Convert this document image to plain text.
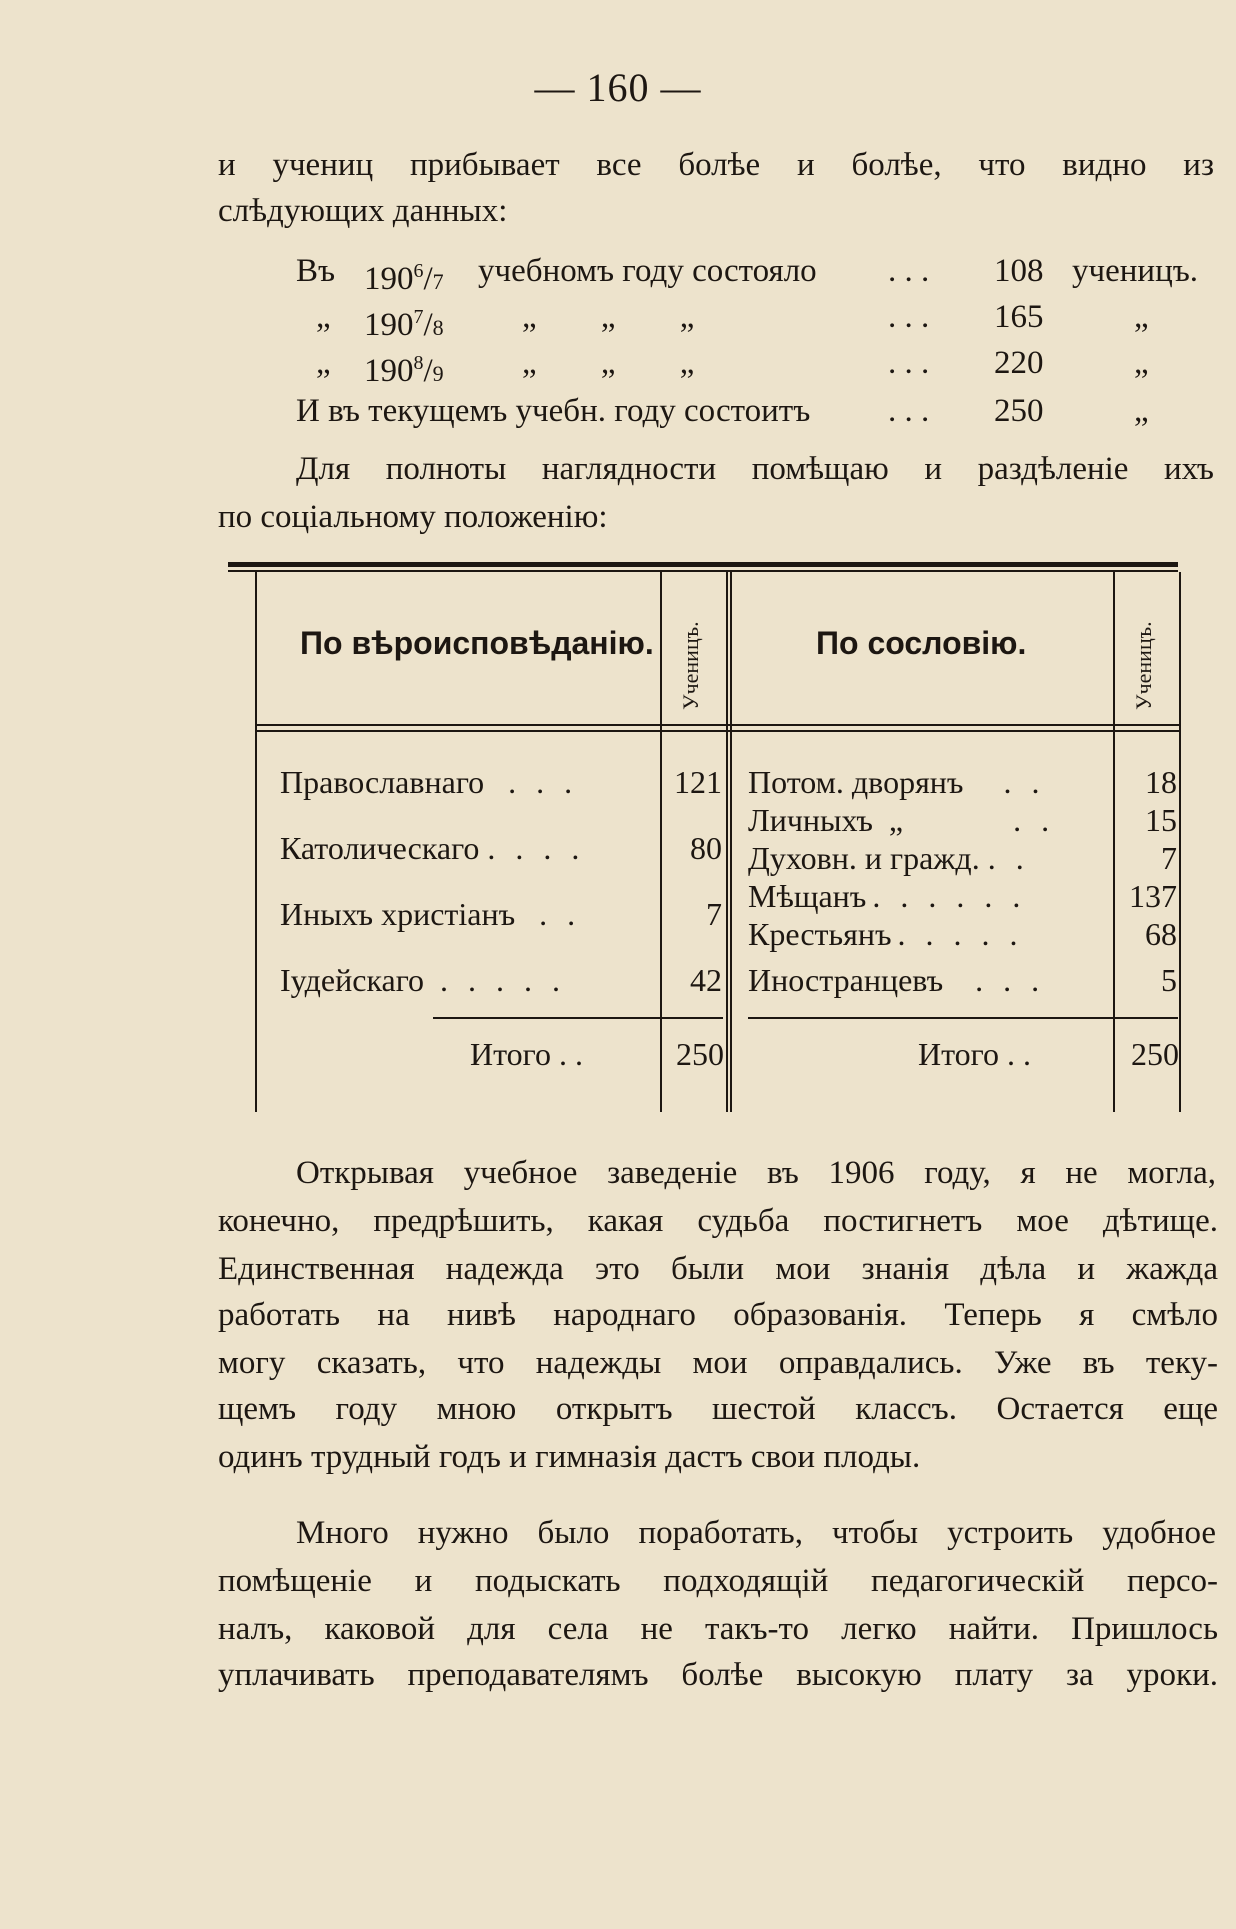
— 160 —
и учениц прибывает все болѣе и болѣе, что видно из
слѣдующих данных:
Въ $190^6/7$ учебномъ году состояло . . . 108 ученицъ.
„ $190^7/8$ „ „ „	. . . 165	„
„ $190^8/9$ „ „ „	. . . 220	„
И въ текущемъ учебн. году состоитъ . . . 250	„
Для полноты наглядности помѣщаю и раздѣленіе ихъ
по соціальному положенію:
По вѣроисповѣданію. Ученицъ.	По сословію.	Ученицъ.
Православнаго . . .	121
Католическаго . . . .	80
Иныхъ христіанъ . .	7
Іудейскаго . . . . .	42
Потом. дворянъ . .	18
Личныхъ  „	. .	15
Духовн. и гражд. . .	7
Мѣщанъ . . . . . .	137
Крестьянъ . . . . .	68
Иностранцевъ . . .	5
Итого . .	250	Итого . .	250
Открывая учебное заведеніе въ 1906 году, я не могла,
конечно, предрѣшить, какая судьба постигнетъ мое дѣтище.
Единственная надежда это были мои знанія дѣла и жажда
работать на нивѣ народнаго образованія. Теперь я смѣло
могу сказать, что надежды мои оправдались. Уже въ теку-
щемъ году мною открытъ шестой классъ. Остается еще
одинъ трудный годъ и гимназія дастъ свои плоды.
Много нужно было поработать, чтобы устроить удобное
помѣщеніе и подыскать подходящій педагогическій персо-
налъ, каковой для села не такъ-то легко найти. Пришлось
уплачивать преподавателямъ болѣе высокую плату за уроки.
